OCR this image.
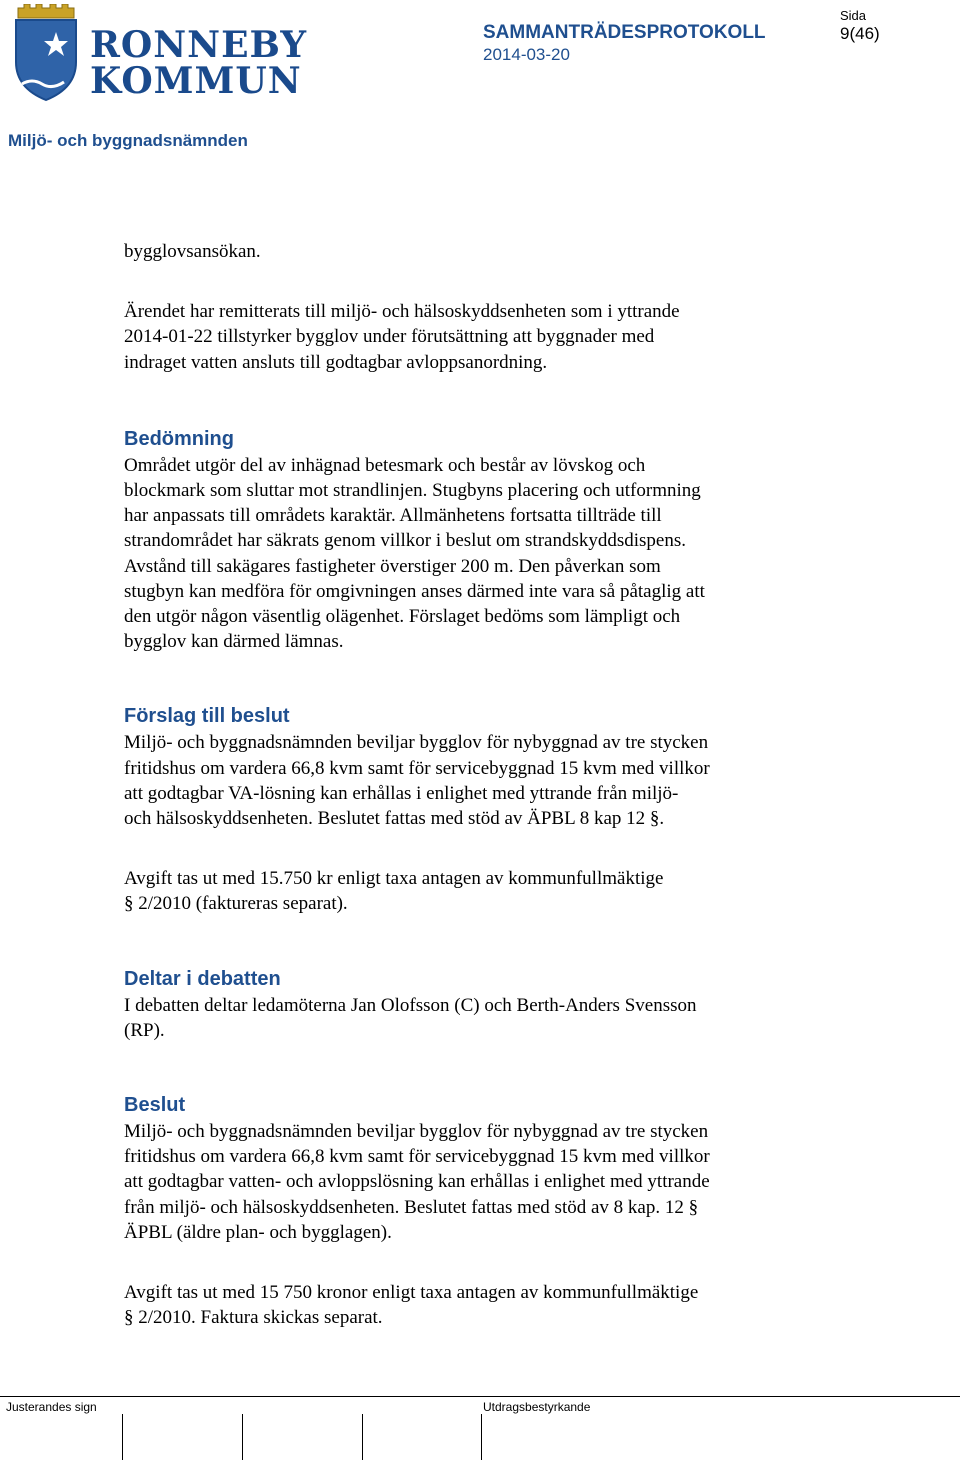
RONNEBY
KOMMUN
SAMMANTRÄDESPROTOKOLL
2014-03-20
Sida
9(46)
Miljö- och byggnadsnämnden

bygglovsansökan.

Ärendet har remitterats till miljö- och hälsoskyddsenheten som i yttrande
2014-01-22 tillstyrker bygglov under förutsättning att byggnader med
indraget vatten ansluts till godtagbar avloppsanordning.

Bedömning

Området utgör del av inhägnad betesmark och består av lövskog och
blockmark som sluttar mot strandlinjen. Stugbyns placering och utformning
har anpassats till områdets karaktär. Allmänhetens fortsatta tillträde till
strandområdet har säkrats genom villkor i beslut om strandskyddsdispens.
Avstånd till sakägares fastigheter överstiger 200 m. Den påverkan som
stugbyn kan medföra för omgivningen anses därmed inte vara så påtaglig att
den utgör någon väsentlig olägenhet. Förslaget bedöms som lämpligt och
bygglov kan därmed lämnas.

Förslag till beslut

Miljö- och byggnadsnämnden beviljar bygglov för nybyggnad av tre stycken
fritidshus om vardera 66,8 kvm samt för servicebyggnad 15 kvm med villkor
att godtagbar VA-lösning kan erhållas i enlighet med yttrande från miljö-
och hälsoskyddsenheten. Beslutet fattas med stöd av ÄPBL 8 kap 12 §.

Avgift tas ut med 15.750 kr enligt taxa antagen av kommunfullmäktige
§ 2/2010 (faktureras separat).

Deltar i debatten

I debatten deltar ledamöterna Jan Olofsson (C) och Berth-Anders Svensson
(RP).

Beslut

Miljö- och byggnadsnämnden beviljar bygglov för nybyggnad av tre stycken
fritidshus om vardera 66,8 kvm samt för servicebyggnad 15 kvm med villkor
att godtagbar vatten- och avloppslösning kan erhållas i enlighet med yttrande
från miljö- och hälsoskyddsenheten. Beslutet fattas med stöd av 8 kap. 12 §
ÄPBL (äldre plan- och bygglagen).

Avgift tas ut med 15 750 kronor enligt taxa antagen av kommunfullmäktige
§ 2/2010. Faktura skickas separat.

Justerandes sign	Utdragsbestyrkande
